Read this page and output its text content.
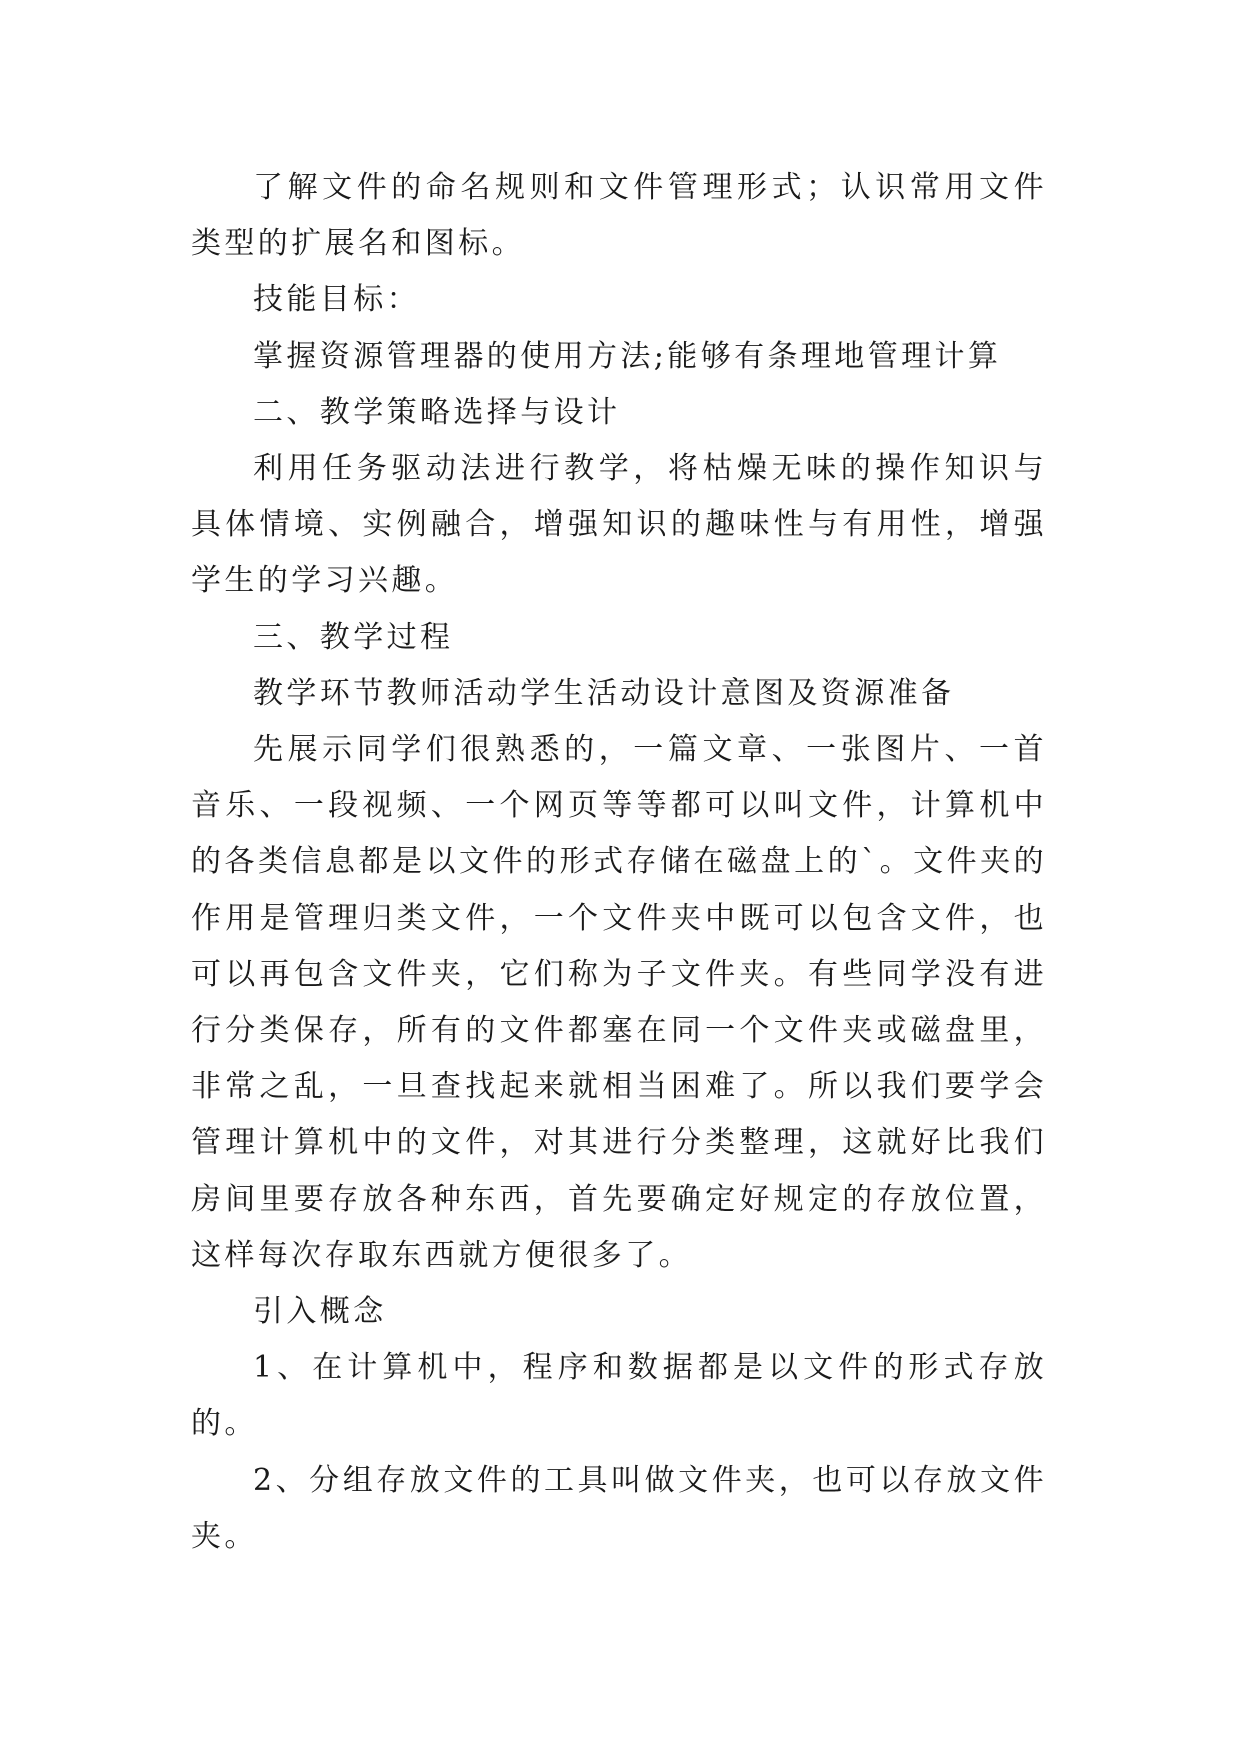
了解文件的命名规则和文件管理形式；认识常用文件类型的扩展名和图标。

技能目标：

掌握资源管理器的使用方法;能够有条理地管理计算

二、教学策略选择与设计

利用任务驱动法进行教学，将枯燥无味的操作知识与具体情境、实例融合，增强知识的趣味性与有用性，增强学生的学习兴趣。

三、教学过程

教学环节教师活动学生活动设计意图及资源准备

先展示同学们很熟悉的，一篇文章、一张图片、一首音乐、一段视频、一个网页等等都可以叫文件，计算机中的各类信息都是以文件的形式存储在磁盘上的`。文件夹的作用是管理归类文件，一个文件夹中既可以包含文件，也可以再包含文件夹，它们称为子文件夹。有些同学没有进行分类保存，所有的文件都塞在同一个文件夹或磁盘里，非常之乱，一旦查找起来就相当困难了。所以我们要学会管理计算机中的文件，对其进行分类整理，这就好比我们房间里要存放各种东西，首先要确定好规定的存放位置，这样每次存取东西就方便很多了。

引入概念

1、在计算机中，程序和数据都是以文件的形式存放的。

2、分组存放文件的工具叫做文件夹，也可以存放文件夹。
